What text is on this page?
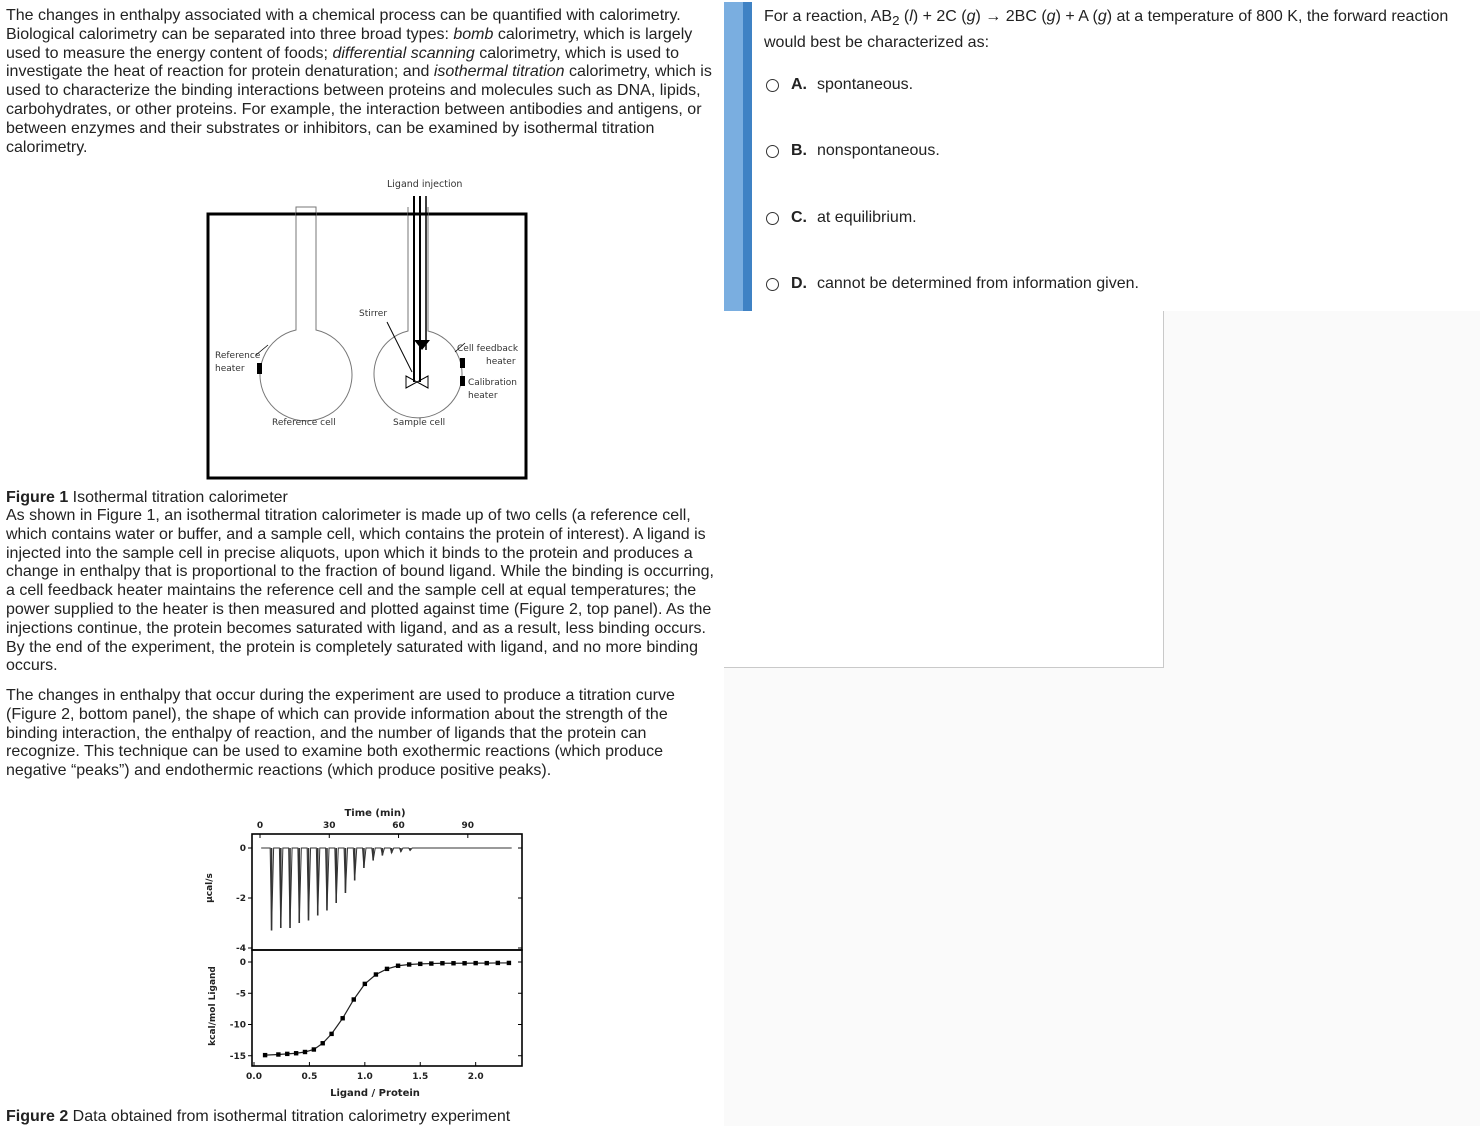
The changes in enthalpy associated with a chemical process can be quantified with calorimetry. Biological calorimetry can be separated into three broad types: bomb calorimetry, which is largely used to measure the energy content of foods; differential scanning calorimetry, which is used to investigate the heat of reaction for protein denaturation; and isothermal titration calorimetry, which is used to characterize the binding interactions between proteins and molecules such as DNA, lipids, carbohydrates, or other proteins. For example, the interaction between antibodies and antigens, or between enzymes and their substrates or inhibitors, can be examined by isothermal titration calorimetry.

Ligand injection
Stirrer
Reference
heater
Cell feedback
heater
Calibration
heater
Reference cell	Sample cell
Figure 1 Isothermal titration calorimeter

As shown in Figure 1, an isothermal titration calorimeter is made up of two cells (a reference cell, which contains water or buffer, and a sample cell, which contains the protein of interest). A ligand is injected into the sample cell in precise aliquots, upon which it binds to the protein and produces a change in enthalpy that is proportional to the fraction of bound ligand. While the binding is occurring, a cell feedback heater maintains the reference cell and the sample cell at equal temperatures; the power supplied to the heater is then measured and plotted against time (Figure 2, top panel). As the injections continue, the protein becomes saturated with ligand, and as a result, less binding occurs. By the end of the experiment, the protein is completely saturated with ligand, and no more binding occurs.

The changes in enthalpy that occur during the experiment are used to produce a titration curve (Figure 2, bottom panel), the shape of which can provide information about the strength of the binding interaction, the enthalpy of reaction, and the number of ligands that the protein can recognize. This technique can be used to examine both exothermic reactions (which produce negative “peaks”) and endothermic reactions (which produce positive peaks).

0	30	60	90
Time (min)
0
-2
-4
µcal/s
0.0	0.5	1.0	1.5	2.0
Ligand / Protein
0
-5
-10
-15
kcal/mol Ligand
Figure 2 Data obtained from isothermal titration calorimetry experiment
For a reaction, $AB_2$ (l) + 2C (g) → 2BC (g) + A (g) at a temperature of 800 K, the forward reaction would best be characterized as:
A. spontaneous.
B. nonspontaneous.
C. at equilibrium.
D. cannot be determined from information given.
